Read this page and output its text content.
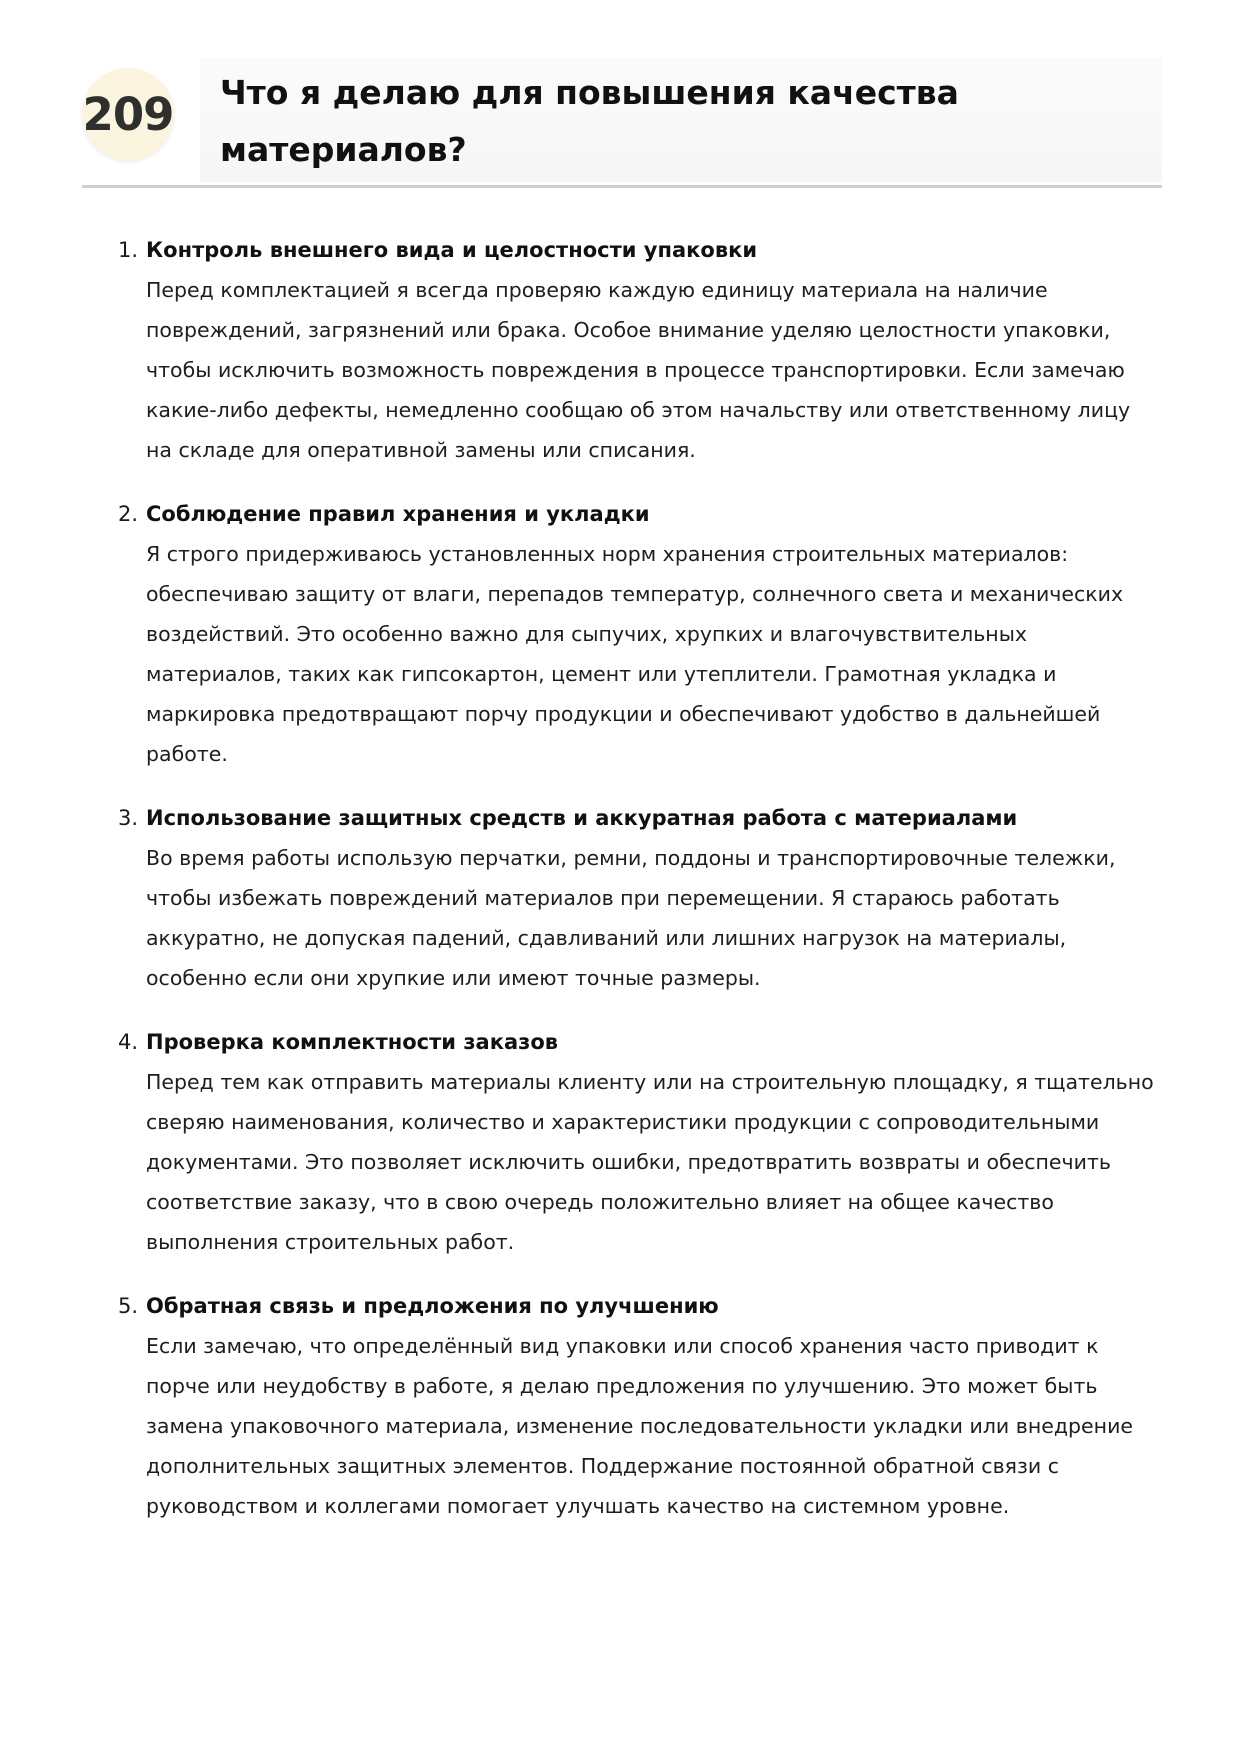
209 Что я делаю для повышения качества материалов?
1. Контроль внешнего вида и целостности упаковки
Перед комплектацией я всегда проверяю каждую единицу материала на наличие повреждений, загрязнений или брака. Особое внимание уделяю целостности упаковки, чтобы исключить возможность повреждения в процессе транспортировки. Если замечаю какие-либо дефекты, немедленно сообщаю об этом начальству или ответственному лицу на складе для оперативной замены или списания.
2. Соблюдение правил хранения и укладки
Я строго придерживаюсь установленных норм хранения строительных материалов: обеспечиваю защиту от влаги, перепадов температур, солнечного света и механических воздействий. Это особенно важно для сыпучих, хрупких и влагочувствительных материалов, таких как гипсокартон, цемент или утеплители. Грамотная укладка и маркировка предотвращают порчу продукции и обеспечивают удобство в дальнейшей работе.
3. Использование защитных средств и аккуратная работа с материалами
Во время работы использую перчатки, ремни, поддоны и транспортировочные тележки, чтобы избежать повреждений материалов при перемещении. Я стараюсь работать аккуратно, не допуская падений, сдавливаний или лишних нагрузок на материалы, особенно если они хрупкие или имеют точные размеры.
4. Проверка комплектности заказов
Перед тем как отправить материалы клиенту или на строительную площадку, я тщательно сверяю наименования, количество и характеристики продукции с сопроводительными документами. Это позволяет исключить ошибки, предотвратить возвраты и обеспечить соответствие заказу, что в свою очередь положительно влияет на общее качество выполнения строительных работ.
5. Обратная связь и предложения по улучшению
Если замечаю, что определённый вид упаковки или способ хранения часто приводит к порче или неудобству в работе, я делаю предложения по улучшению. Это может быть замена упаковочного материала, изменение последовательности укладки или внедрение дополнительных защитных элементов. Поддержание постоянной обратной связи с руководством и коллегами помогает улучшать качество на системном уровне.
